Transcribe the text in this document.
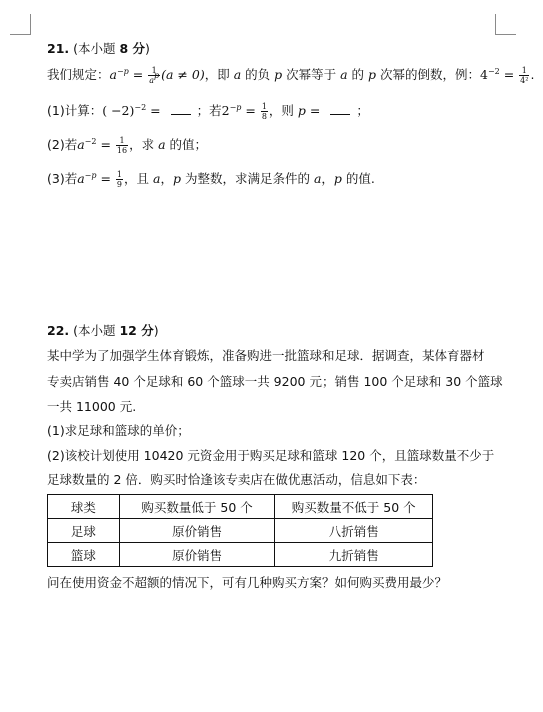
21. (本小题 8 分)
我们规定：$a^{-p} = \frac{1}{a^p} (a \ne 0)$，即 a 的负 p 次幂等于 a 的 p 次幂的倒数，例：$4^{-2} = \frac{1}{\text{4²}}$ .
(1)计算：( −2)$^{-2}$ =	；若$2^{-p} = \frac{1}{8}$ ，则 p =	；
(2)若$a^{-2} = \frac{1}{16}$ ，求 a 的值；
(3)若$a^{-p} = \frac{1}{9}$ ，且 a，p 为整数，求满足条件的 a，p 的值.
22. (本小题 12 分)
某中学为了加强学生体育锻炼，准备购进一批篮球和足球．据调查，某体育器材
专卖店销售 40 个足球和 60 个篮球一共 9200 元；销售 100 个足球和 30 个篮球
一共 11000 元.
(1)求足球和篮球的单价；
(2)该校计划使用 10420 元资金用于购买足球和篮球 120 个，且篮球数量不少于
足球数量的 2 倍．购买时恰逢该专卖店在做优惠活动，信息如下表：
球类	购买数量低于 50 个	购买数量不低于 50 个
足球	原价销售	八折销售
篮球	原价销售	九折销售
问在使用资金不超额的情况下，可有几种购买方案？如何购买费用最少？
